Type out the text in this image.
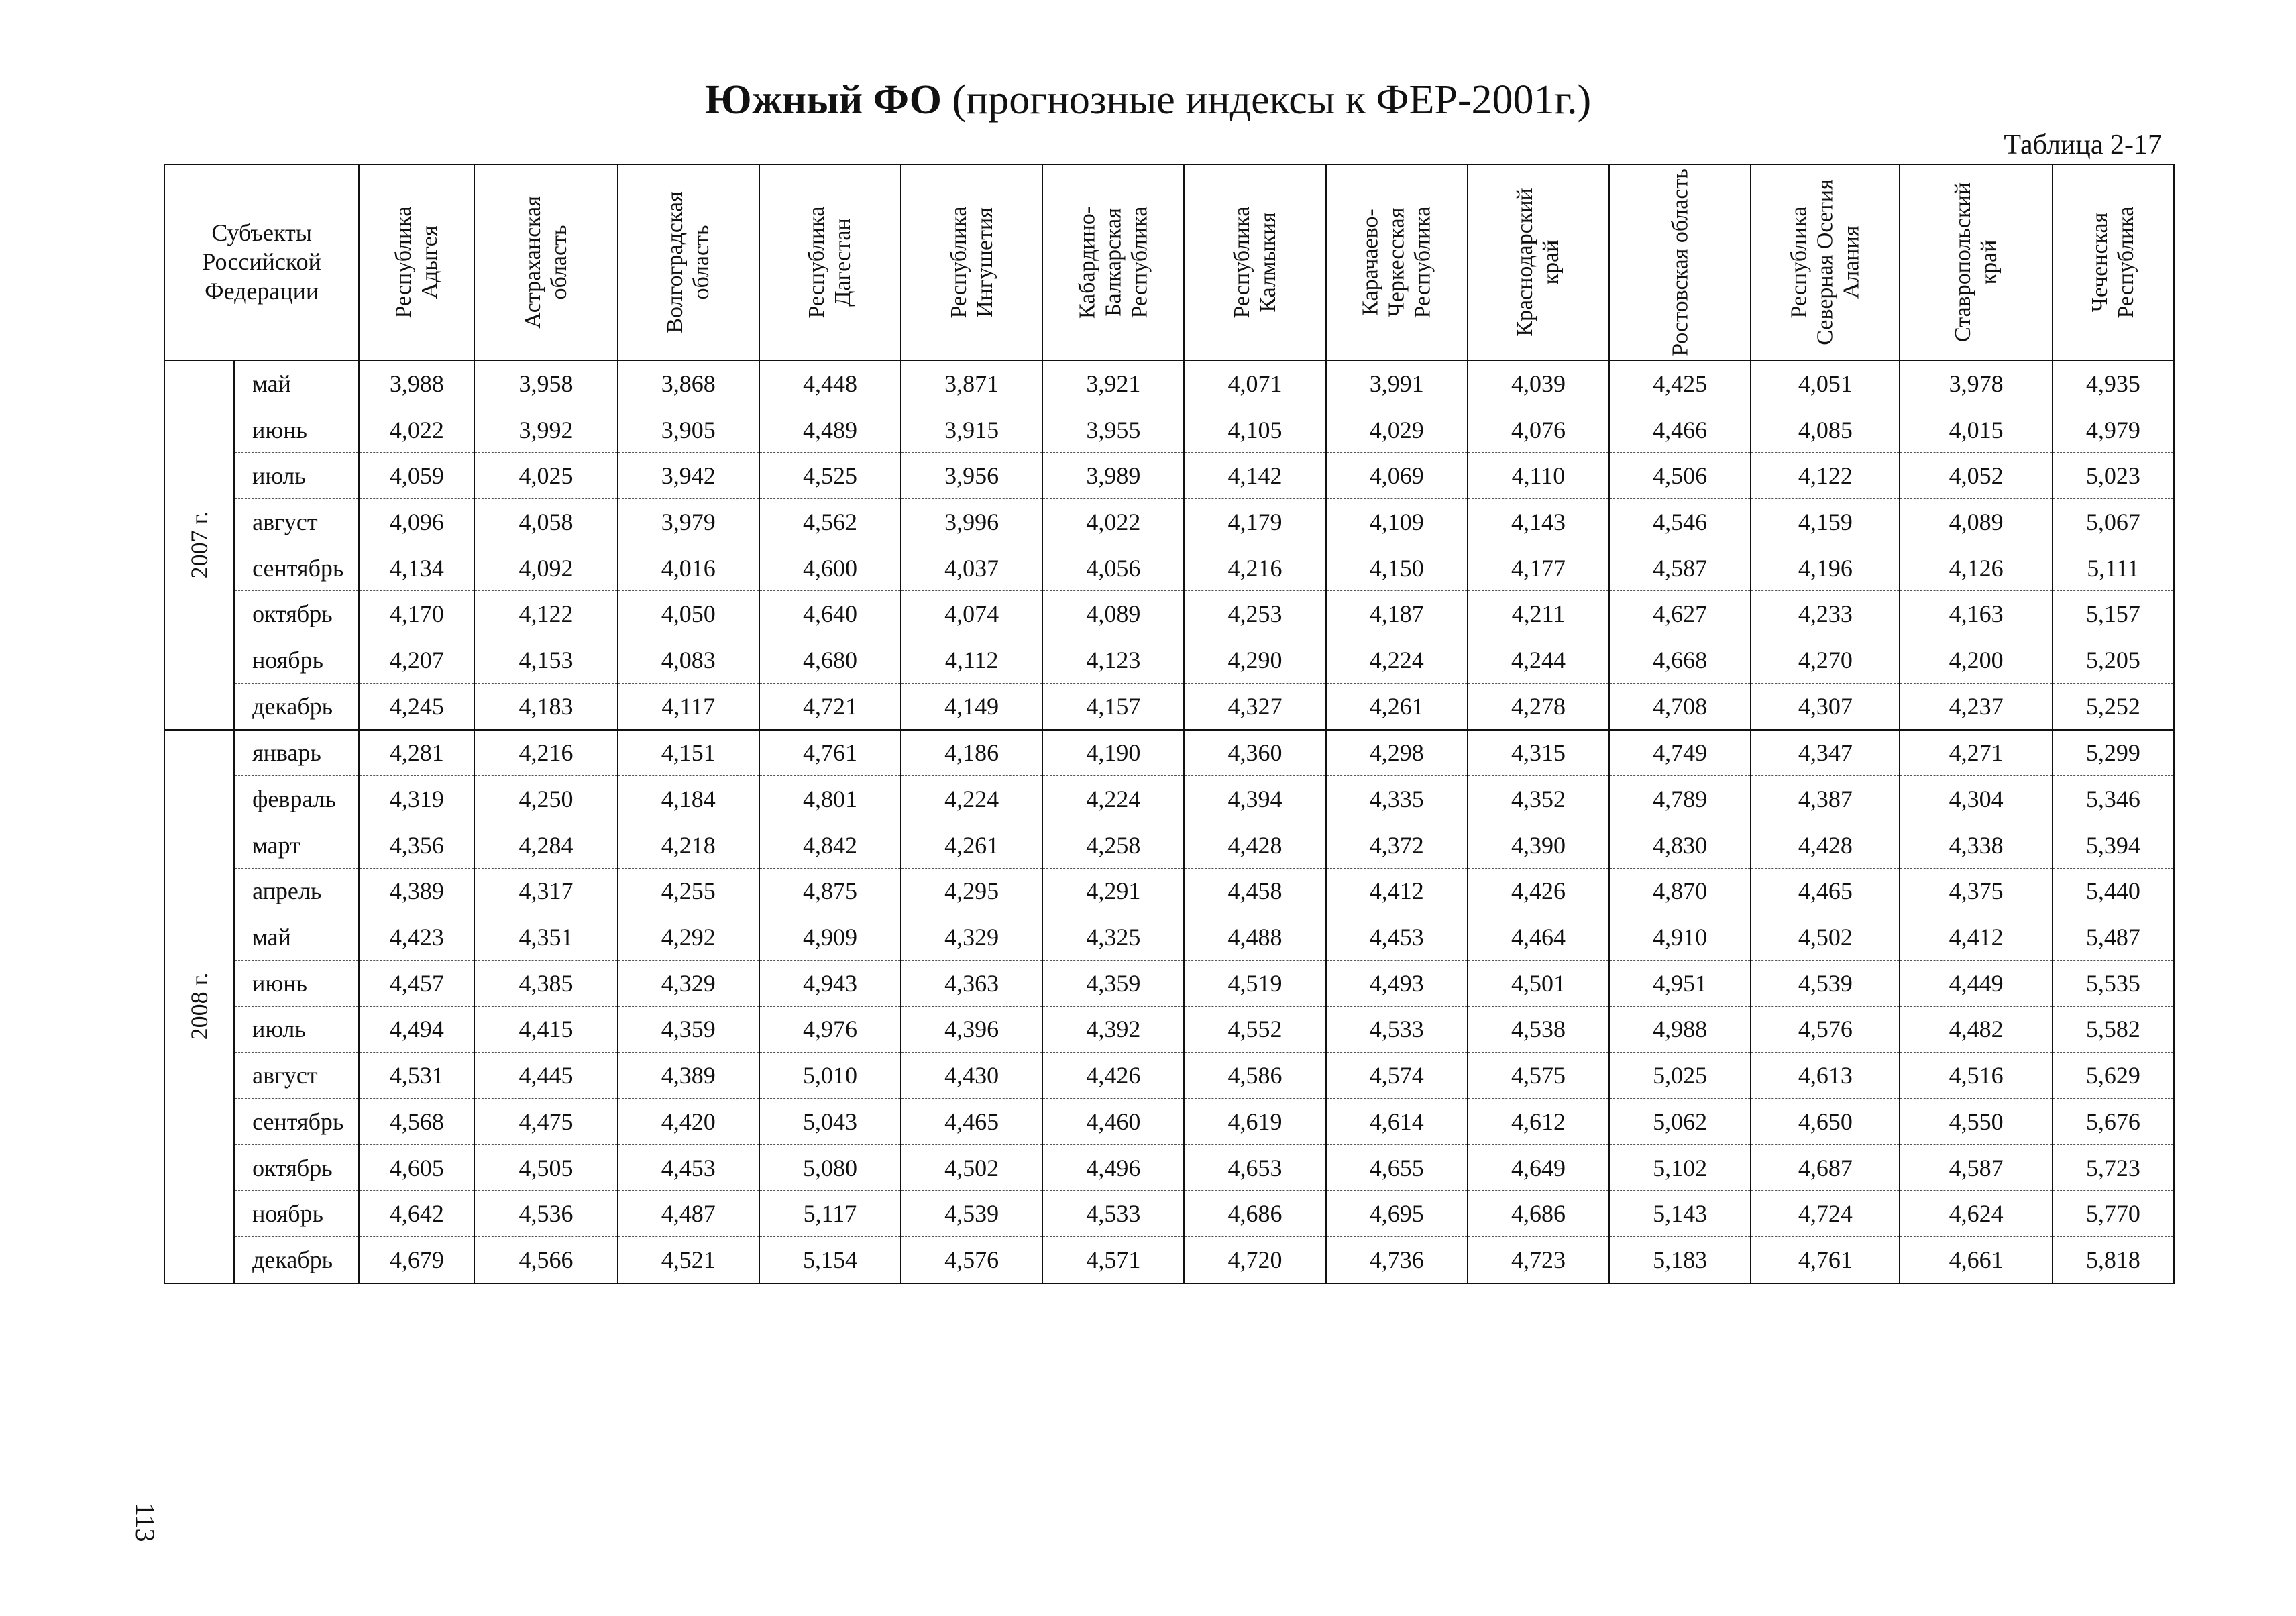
Южный ФО (прогнозные индексы к ФЕР-2001г.)
Таблица 2-17
Субъекты Российской Федерации		Республика Адыгея	Астраханская область	Волгоградская область	Республика Дагестан	Республика Ингушетия	Кабардино-Балкарская Республика	Республика Калмыкия	Карачаево-Черкесская Республика	Краснодарский край	Ростовская область	Республика Северная Осетия Алания	Ставропольский край	Чеченская Республика

2007 г.	май	3,988	3,958	3,868	4,448	3,871	3,921	4,071	3,991	4,039	4,425	4,051	3,978	4,935
	июнь	4,022	3,992	3,905	4,489	3,915	3,955	4,105	4,029	4,076	4,466	4,085	4,015	4,979
	июль	4,059	4,025	3,942	4,525	3,956	3,989	4,142	4,069	4,110	4,506	4,122	4,052	5,023
	август	4,096	4,058	3,979	4,562	3,996	4,022	4,179	4,109	4,143	4,546	4,159	4,089	5,067
	сентябрь	4,134	4,092	4,016	4,600	4,037	4,056	4,216	4,150	4,177	4,587	4,196	4,126	5,111
	октябрь	4,170	4,122	4,050	4,640	4,074	4,089	4,253	4,187	4,211	4,627	4,233	4,163	5,157
	ноябрь	4,207	4,153	4,083	4,680	4,112	4,123	4,290	4,224	4,244	4,668	4,270	4,200	5,205
	декабрь	4,245	4,183	4,117	4,721	4,149	4,157	4,327	4,261	4,278	4,708	4,307	4,237	5,252

2008 г.	январь	4,281	4,216	4,151	4,761	4,186	4,190	4,360	4,298	4,315	4,749	4,347	4,271	5,299
	февраль	4,319	4,250	4,184	4,801	4,224	4,224	4,394	4,335	4,352	4,789	4,387	4,304	5,346
	март	4,356	4,284	4,218	4,842	4,261	4,258	4,428	4,372	4,390	4,830	4,428	4,338	5,394
	апрель	4,389	4,317	4,255	4,875	4,295	4,291	4,458	4,412	4,426	4,870	4,465	4,375	5,440
	май	4,423	4,351	4,292	4,909	4,329	4,325	4,488	4,453	4,464	4,910	4,502	4,412	5,487
	июнь	4,457	4,385	4,329	4,943	4,363	4,359	4,519	4,493	4,501	4,951	4,539	4,449	5,535
	июль	4,494	4,415	4,359	4,976	4,396	4,392	4,552	4,533	4,538	4,988	4,576	4,482	5,582
	август	4,531	4,445	4,389	5,010	4,430	4,426	4,586	4,574	4,575	5,025	4,613	4,516	5,629
	сентябрь	4,568	4,475	4,420	5,043	4,465	4,460	4,619	4,614	4,612	5,062	4,650	4,550	5,676
	октябрь	4,605	4,505	4,453	5,080	4,502	4,496	4,653	4,655	4,649	5,102	4,687	4,587	5,723
	ноябрь	4,642	4,536	4,487	5,117	4,539	4,533	4,686	4,695	4,686	5,143	4,724	4,624	5,770
	декабрь	4,679	4,566	4,521	5,154	4,576	4,571	4,720	4,736	4,723	5,183	4,761	4,661	5,818
113
